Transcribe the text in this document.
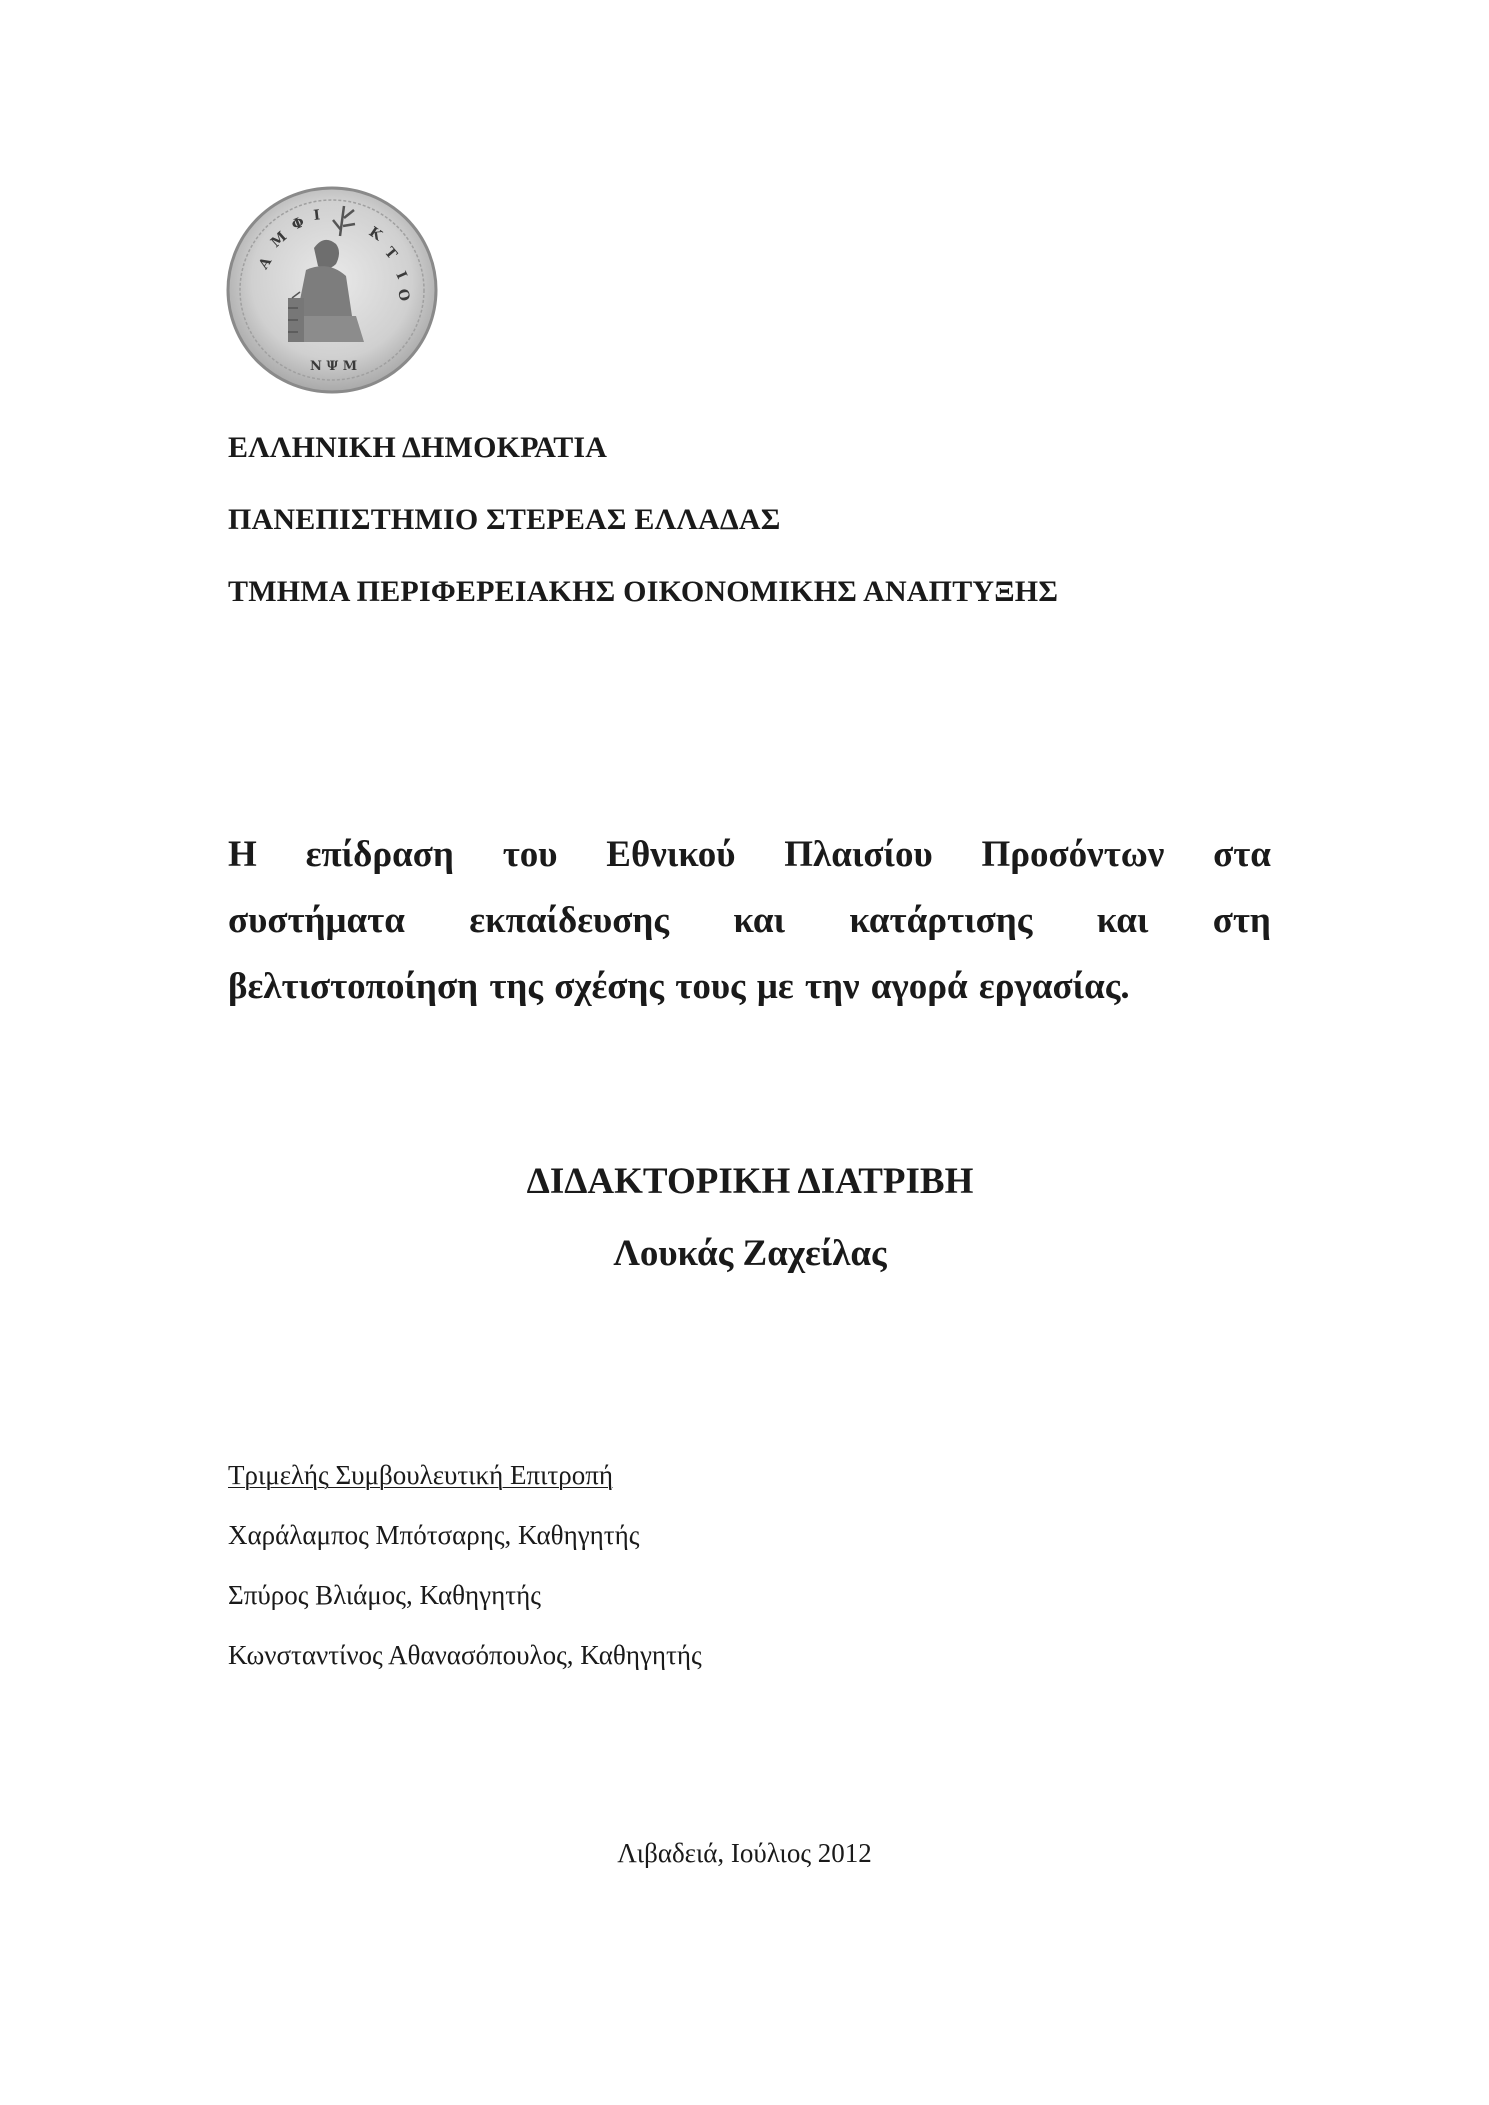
Α
Μ
Φ Ι
Κ
Τ
Ι
Ο
Ν Ψ Μ
ΕΛΛΗΝΙΚΗ ΔΗΜΟΚΡΑΤΙΑ
ΠΑΝΕΠΙΣΤΗΜΙΟ ΣΤΕΡΕΑΣ ΕΛΛΑΔΑΣ
ΤΜΗΜΑ ΠΕΡΙΦΕΡΕΙΑΚΗΣ ΟΙΚΟΝΟΜΙΚΗΣ ΑΝΑΠΤΥΞΗΣ
Η επίδραση του Εθνικού Πλαισίου Προσόντων στα
συστήματα εκπαίδευσης και κατάρτισης και στη
βελτιστοποίηση της σχέσης τους με την αγορά εργασίας.
ΔΙΔΑΚΤΟΡΙΚΗ ΔΙΑΤΡΙΒΗ
Λουκάς Ζαχείλας
Τριμελής Συμβουλευτική Επιτροπή
Χαράλαμπος Μπότσαρης, Καθηγητής
Σπύρος Βλιάμος, Καθηγητής
Κωνσταντίνος Αθανασόπουλος, Καθηγητής
Λιβαδειά, Ιούλιος 2012
